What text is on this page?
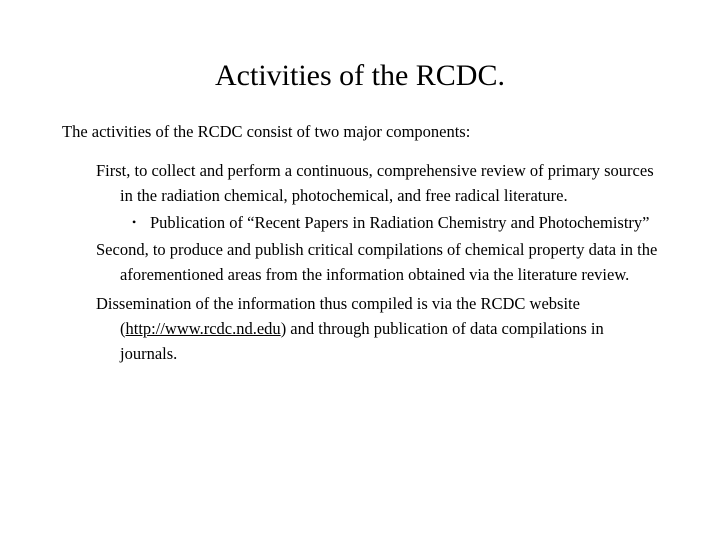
Activities of the RCDC.

The activities of the RCDC consist of two major components:

First, to collect and perform a continuous, comprehensive review of primary sources in the radiation chemical, photochemical, and free radical literature.

• Publication of “Recent Papers in Radiation Chemistry and Photochemistry”

Second, to produce and publish critical compilations of chemical property data in the aforementioned areas from the information obtained via the literature review.

Dissemination of the information thus compiled is via the RCDC website (http://www.rcdc.nd.edu) and through publication of data compilations in journals.
